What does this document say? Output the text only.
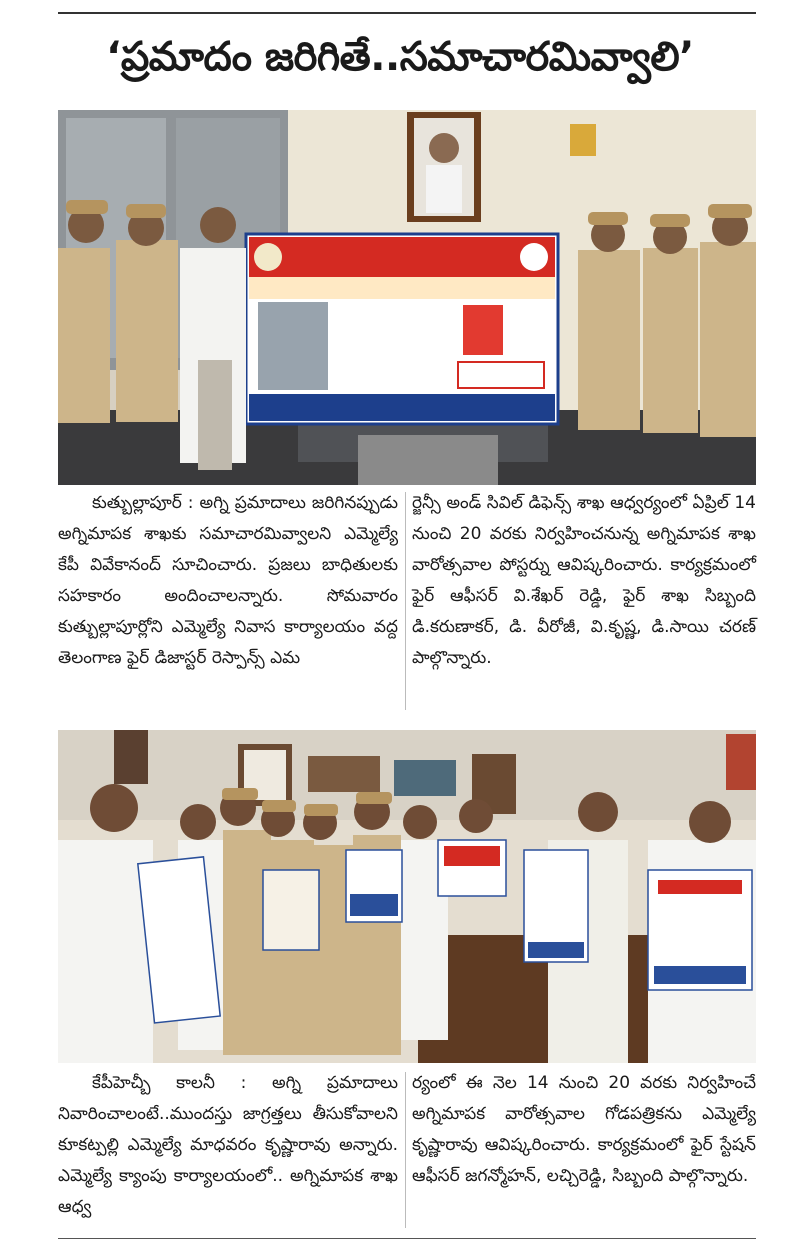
‘ప్రమాదం జరిగితే..సమాచారమివ్వాలి’

కుత్బుల్లాపూర్ : అగ్ని ప్రమాదాలు జరిగినప్పుడు అగ్నిమాపక శాఖకు సమాచారమివ్వాలని ఎమ్మెల్యే కేపీ వివేకానంద్ సూచించారు. ప్రజలు బాధితులకు సహకారం అందించాలన్నారు. సోమవారం కుత్బుల్లాపూర్లోని ఎమ్మెల్యే నివాస కార్యాలయం వద్ద తెలంగాణ ఫైర్ డిజాస్టర్ రెస్పాన్స్ ఎమ

ర్జెన్సీ అండ్ సివిల్ డిఫెన్స్ శాఖ ఆధ్వర్యంలో ఏప్రిల్ 14 నుంచి 20 వరకు నిర్వహించనున్న అగ్నిమాపక శాఖ వారోత్సవాల పోస్టర్ను ఆవిష్కరించారు. కార్యక్రమంలో ఫైర్ ఆఫీసర్ వి.శేఖర్ రెడ్డి, ఫైర్ శాఖ సిబ్బంది డి.కరుణాకర్, డి. వీరోజీ, వి.కృష్ణ, డి.సాయి చరణ్ పాల్గొన్నారు.

కేపీహెచ్బీ కాలనీ : అగ్ని ప్రమాదాలు నివారించాలంటే..ముందస్తు జాగ్రత్తలు తీసుకోవాలని కూకట్పల్లి ఎమ్మెల్యే మాధవరం కృష్ణారావు అన్నారు. ఎమ్మెల్యే క్యాంపు కార్యాలయంలో.. అగ్నిమాపక శాఖ ఆధ్వ

ర్యంలో ఈ నెల 14 నుంచి 20 వరకు నిర్వహించే అగ్నిమాపక వారోత్సవాల గోడపత్రికను ఎమ్మెల్యే కృష్ణారావు ఆవిష్కరించారు. కార్యక్రమంలో ఫైర్ స్టేషన్ ఆఫీసర్ జగన్మోహన్, లచ్చిరెడ్డి, సిబ్బంది పాల్గొన్నారు.
